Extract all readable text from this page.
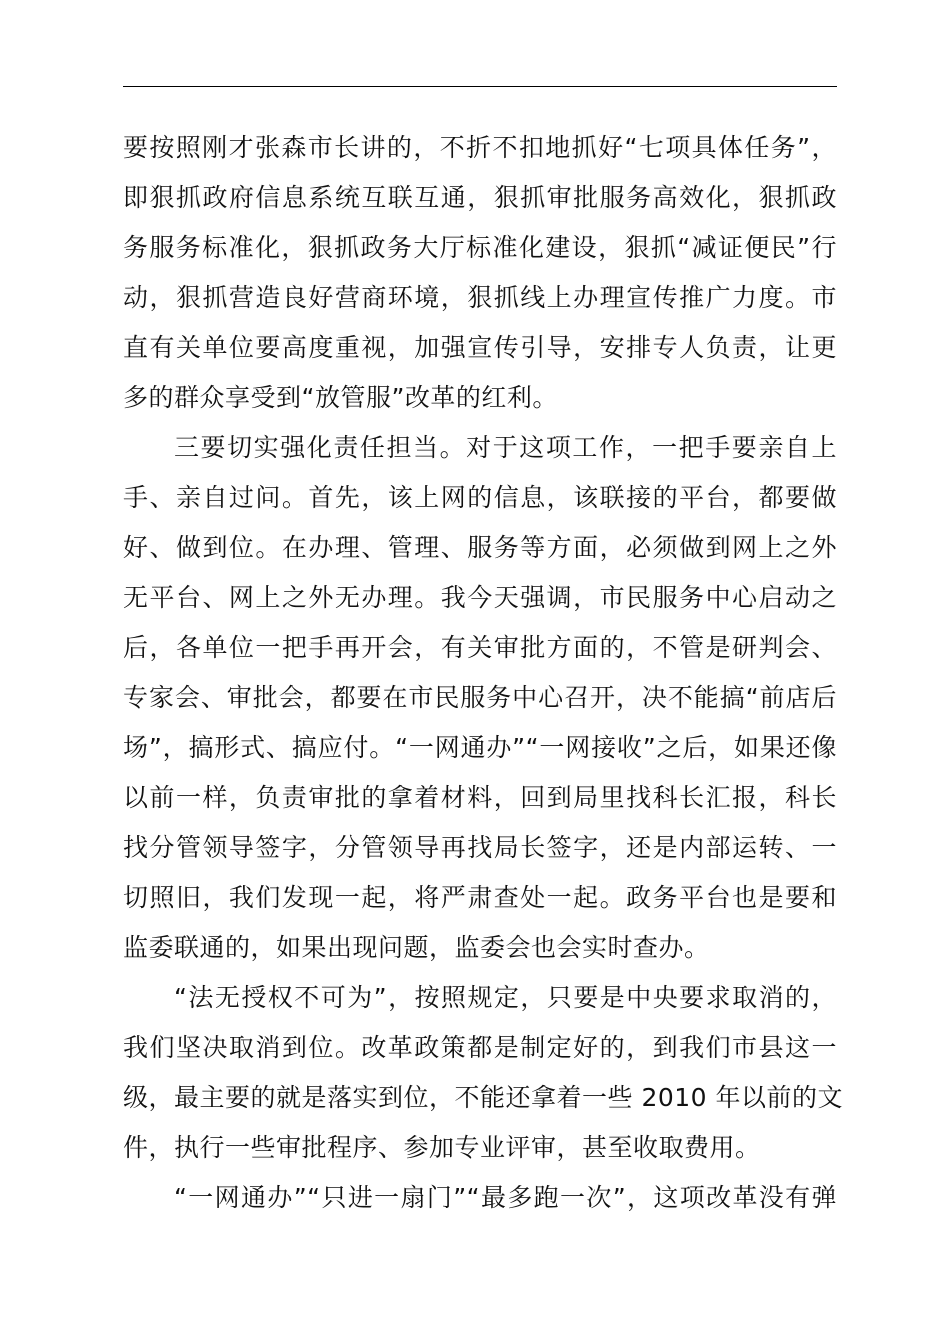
要按照刚才张森市长讲的，不折不扣地抓好“七项具体任务”，
即狠抓政府信息系统互联互通，狠抓审批服务高效化，狠抓政
务服务标准化，狠抓政务大厅标准化建设，狠抓“减证便民”行
动，狠抓营造良好营商环境，狠抓线上办理宣传推广力度。市
直有关单位要高度重视，加强宣传引导，安排专人负责，让更
多的群众享受到“放管服”改革的红利。
三要切实强化责任担当。对于这项工作，一把手要亲自上
手、亲自过问。首先，该上网的信息，该联接的平台，都要做
好、做到位。在办理、管理、服务等方面，必须做到网上之外
无平台、网上之外无办理。我今天强调，市民服务中心启动之
后，各单位一把手再开会，有关审批方面的，不管是研判会、
专家会、审批会，都要在市民服务中心召开，决不能搞“前店后
场”，搞形式、搞应付。“一网通办”“一网接收”之后，如果还像
以前一样，负责审批的拿着材料，回到局里找科长汇报，科长
找分管领导签字，分管领导再找局长签字，还是内部运转、一
切照旧，我们发现一起，将严肃查处一起。政务平台也是要和
监委联通的，如果出现问题，监委会也会实时查办。
“法无授权不可为”，按照规定，只要是中央要求取消的，
我们坚决取消到位。改革政策都是制定好的，到我们市县这一
级，最主要的就是落实到位，不能还拿着一些 2010 年以前的文
件，执行一些审批程序、参加专业评审，甚至收取费用。
“一网通办”“只进一扇门”“最多跑一次”，这项改革没有弹
